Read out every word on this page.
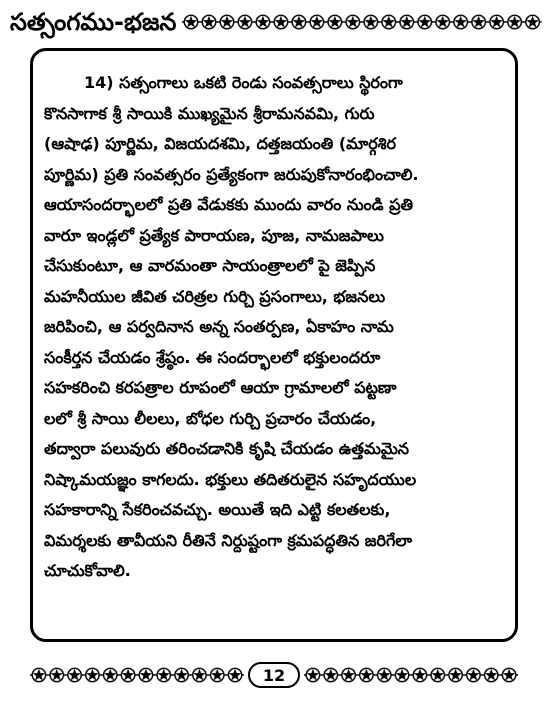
సత్సంగము-భజన
14) సత్సంగాలు ఒకటి రెండు సంవత్సరాలు స్థిరంగా
కొనసాగాక శ్రీ సాయికి ముఖ్యమైన శ్రీరామనవమి, గురు
(ఆషాఢ) పూర్ణిమ, విజయదశమి, దత్తజయంతి (మార్గశిర
పూర్ణిమ) ప్రతి సంవత్సరం ప్రత్యేకంగా జరుపుకోనారంభించాలి.
ఆయాసందర్భాలలో ప్రతి వేడుకకు ముందు వారం నుండి ప్రతి
వారూ ఇండ్లలో ప్రత్యేక పారాయణ, పూజ, నామజపాలు
చేసుకుంటూ, ఆ వారమంతా సాయంత్రాలలో పై జెప్పిన
మహనీయుల జీవిత చరిత్రల గుర్చి ప్రసంగాలు, భజనలు
జరిపించి, ఆ పర్వదినాన అన్న సంతర్పణ, ఏకాహం నామ
సంకీర్తన చేయడం శ్రేష్ఠం. ఈ సందర్భాలలో భక్తులందరూ
సహకరించి కరపత్రాల రూపంలో ఆయా గ్రామాలలో పట్టణా
లలో శ్రీ సాయి లీలలు, బోధల గుర్చి ప్రచారం చేయడం,
తద్వారా పలువురు తరించడానికి కృషి చేయడం ఉత్తమమైన
నిష్కామయజ్ఞం కాగలదు. భక్తులు తదితరులైన సహృదయుల
సహకారాన్ని సేకరించవచ్చు. అయితే ఇది ఎట్టి కలతలకు,
విమర్శలకు తావీయని రీతినే నిర్దుష్టంగా క్రమపద్ధతిన జరిగేలా
చూచుకోవాలి.
12
